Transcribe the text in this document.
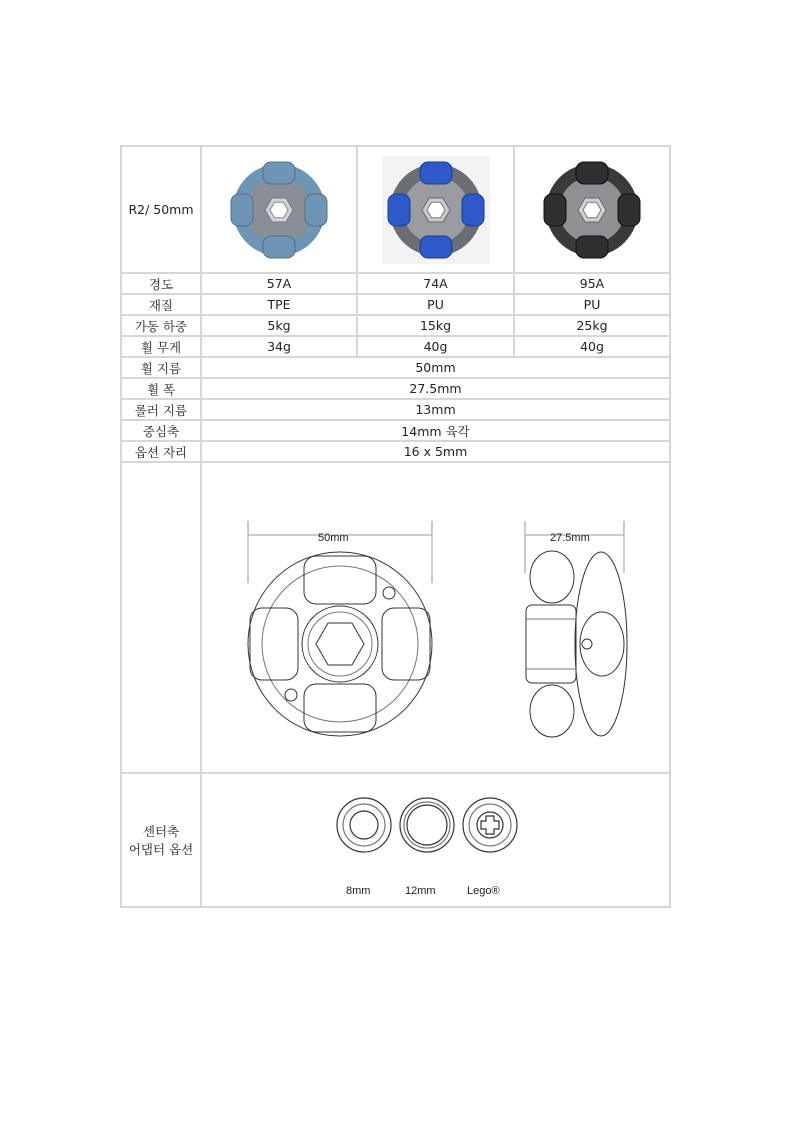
R2/ 50mm	

경도	57A	74A	95A
재질	TPE	PU	PU
가동 하중	5kg	15kg	25kg
휠 무게	34g	40g	40g
휠 지름	50mm		
휠 폭	27.5mm		
롤러 지름	13mm		
중심축	14mm 육각		
옵션 자리	16 x 5mm		

센터축
어댑터 옵션

50mm	27.5mm
8mm	12mm	Lego®
